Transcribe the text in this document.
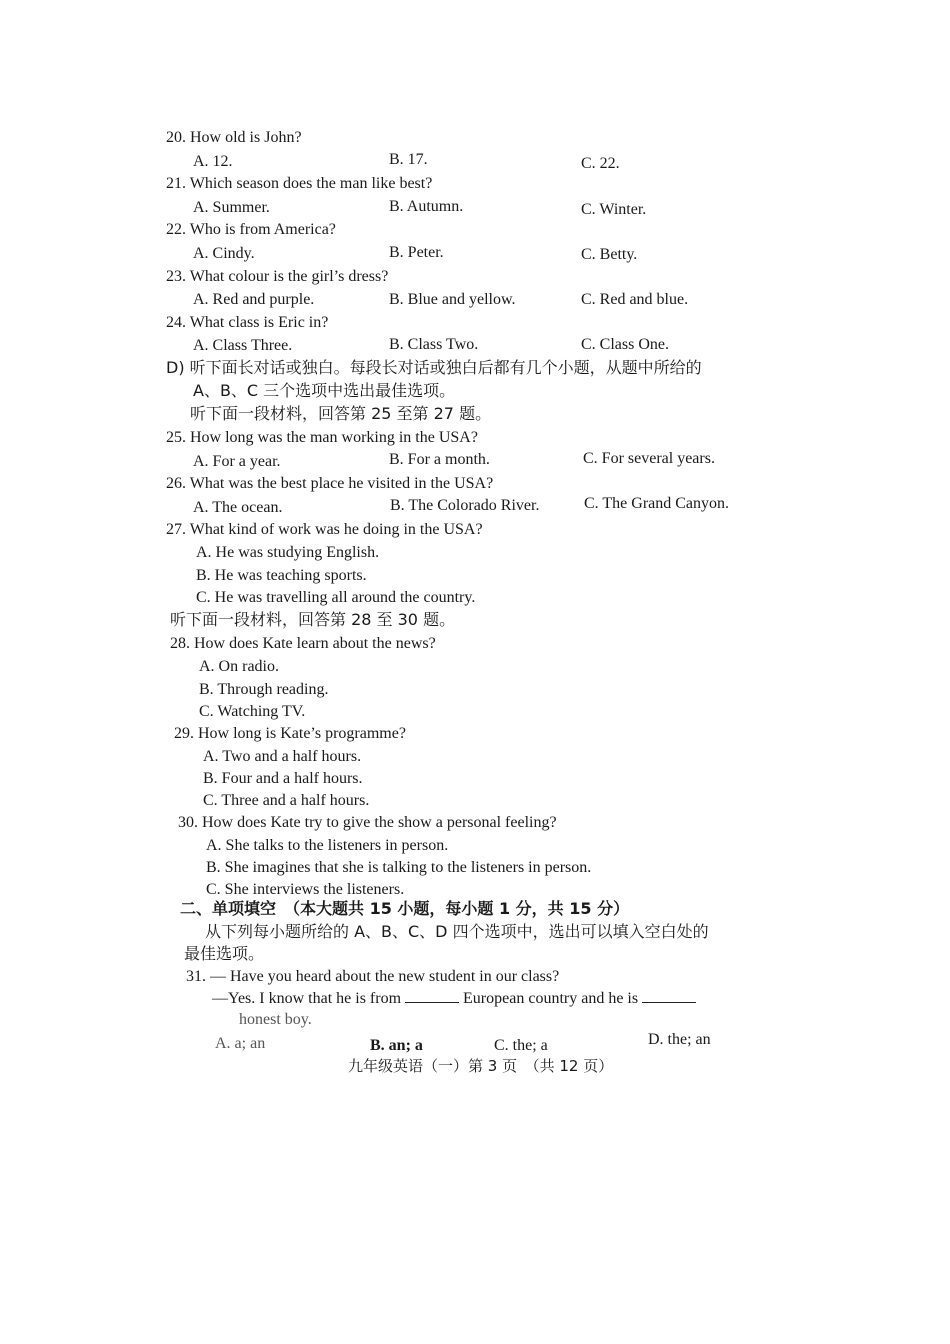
20. How old is John?
A. 12.	B. 17.	C. 22.
21. Which season does the man like best?
A. Summer.	B. Autumn.	C. Winter.
22. Who is from America?
A. Cindy.	B. Peter.	C. Betty.
23. What colour is the girl’s dress?
A. Red and purple.	B. Blue and yellow.	C. Red and blue.
24. What class is Eric in?
A. Class Three.	B. Class Two.	C. Class One.
D) 听下面长对话或独白。每段长对话或独白后都有几个小题，从题中所给的
A、B、C 三个选项中选出最佳选项。
听下面一段材料，回答第 25 至第 27 题。
25. How long was the man working in the USA?
A. For a year.	B. For a month.	C. For several years.
26. What was the best place he visited in the USA?
A. The ocean.	B. The Colorado River.	C. The Grand Canyon.
27. What kind of work was he doing in the USA?
A. He was studying English.
B. He was teaching sports.
C. He was travelling all around the country.
听下面一段材料，回答第 28 至 30 题。
28. How does Kate learn about the news?
A. On radio.
B. Through reading.
C. Watching TV.
29. How long is Kate’s programme?
A. Two and a half hours.
B. Four and a half hours.
C. Three and a half hours.
30. How does Kate try to give the show a personal feeling?
A. She talks to the listeners in person.
B. She imagines that she is talking to the listeners in person.
C. She interviews the listeners.
二、单项填空　（本大题共 15 小题，每小题 1 分，共 15 分）
从下列每小题所给的 A、B、C、D 四个选项中，选出可以填入空白处的
最佳选项。
31. — Have you heard about the new student in our class?
—Yes. I know that he is from	European country and he is
honest boy.
A. a; an	B. an; a	C. the; a	D. the; an
九年级英语（一）第 3 页　（共 12 页）
